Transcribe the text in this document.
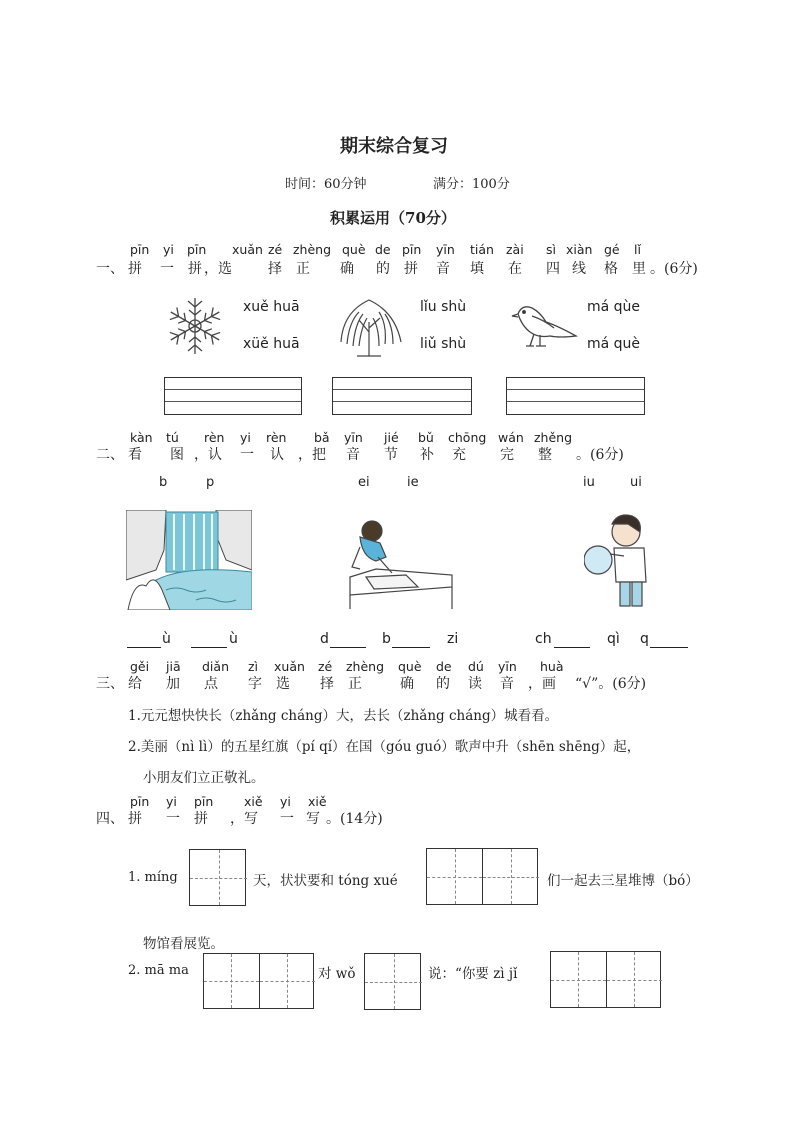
期末综合复习
时间：60分钟	满分：100分
积累运用（70分）
pīn yi pīn xuǎn zé zhèng què de pīn yīn tián zài sì xiàn gé lǐ
一、 拼 一 拼 ，选	择 正 确 的 拼 音 填 在 四 线 格 里 。(6分)
xuě huā
xüě huā
lǐu shù
liǔ shù
má qùe
má què
kàn tú rèn yi rèn bǎ yīn jié bǔ chōng wán zhěng
二、 看 图 ，认 一 认 ，把 音 节 补 充 完 整 。(6分)
b	p	ei	ie	iu	ui
ù	ù	d	b	zi	ch	qì q
gěi jiā diǎn zì xuǎn zé zhèng què de dú yīn huà
三、 给 加 点 字 选 择 正	确 的 读 音 ，画 “√”。(6分)
1.元元想快快长（zhǎng cháng）大，去长（zhǎng cháng）城看看。
2.美丽（nì lì）的五星红旗（pí qí）在国（góu guó）歌声中升（shēn shēng）起，
小朋友们立正敬礼。
pīn yi pīn xiě yi xiě
四、 拼 一 拼 ，写 一 写 。(14分)
1. míng	天，状状要和 tóng xué	们一起去三星堆博（bó）
物馆看展览。
2. mā ma	对 wǒ	说：“你要 zì jǐ
